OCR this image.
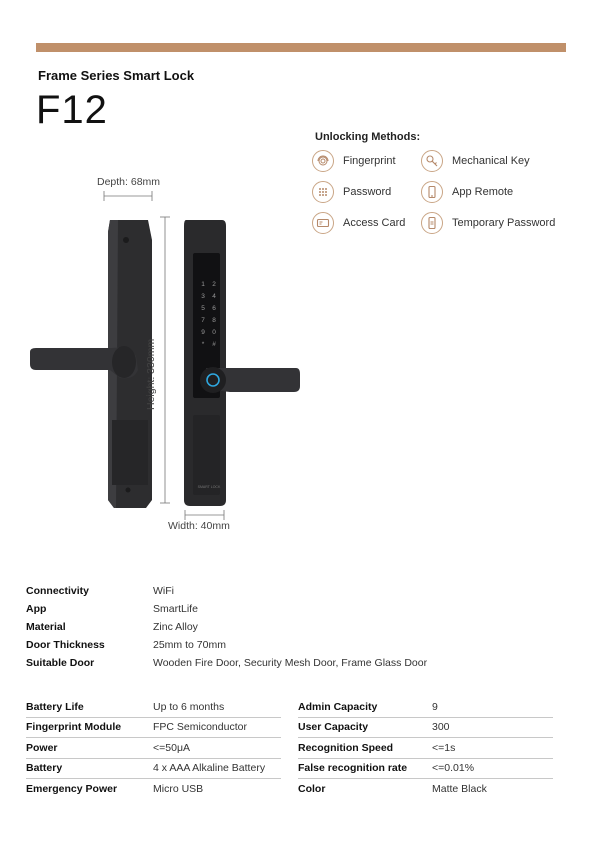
Frame Series Smart Lock
F12
Unlocking Methods:
Fingerprint	Mechanical Key
Password	App Remote
Access Card	Temporary Password
1 2
3 4
5 6
7 8
9 0
* #
SMART LOCK
Depth: 68mm
Height: 330mm
Width: 40mm
Connectivity	WiFi
App	SmartLife
Material	Zinc Alloy
Door Thickness	25mm to 70mm
Suitable Door	Wooden Fire Door, Security Mesh Door, Frame Glass Door
Battery Life	Up to 6 months
Fingerprint Module	FPC Semiconductor
Power	<=50μA
Battery	4 x AAA Alkaline Battery
Emergency Power	Micro USB
Admin Capacity	9
User Capacity	300
Recognition Speed	<=1s
False recognition rate	<=0.01%
Color	Matte Black
